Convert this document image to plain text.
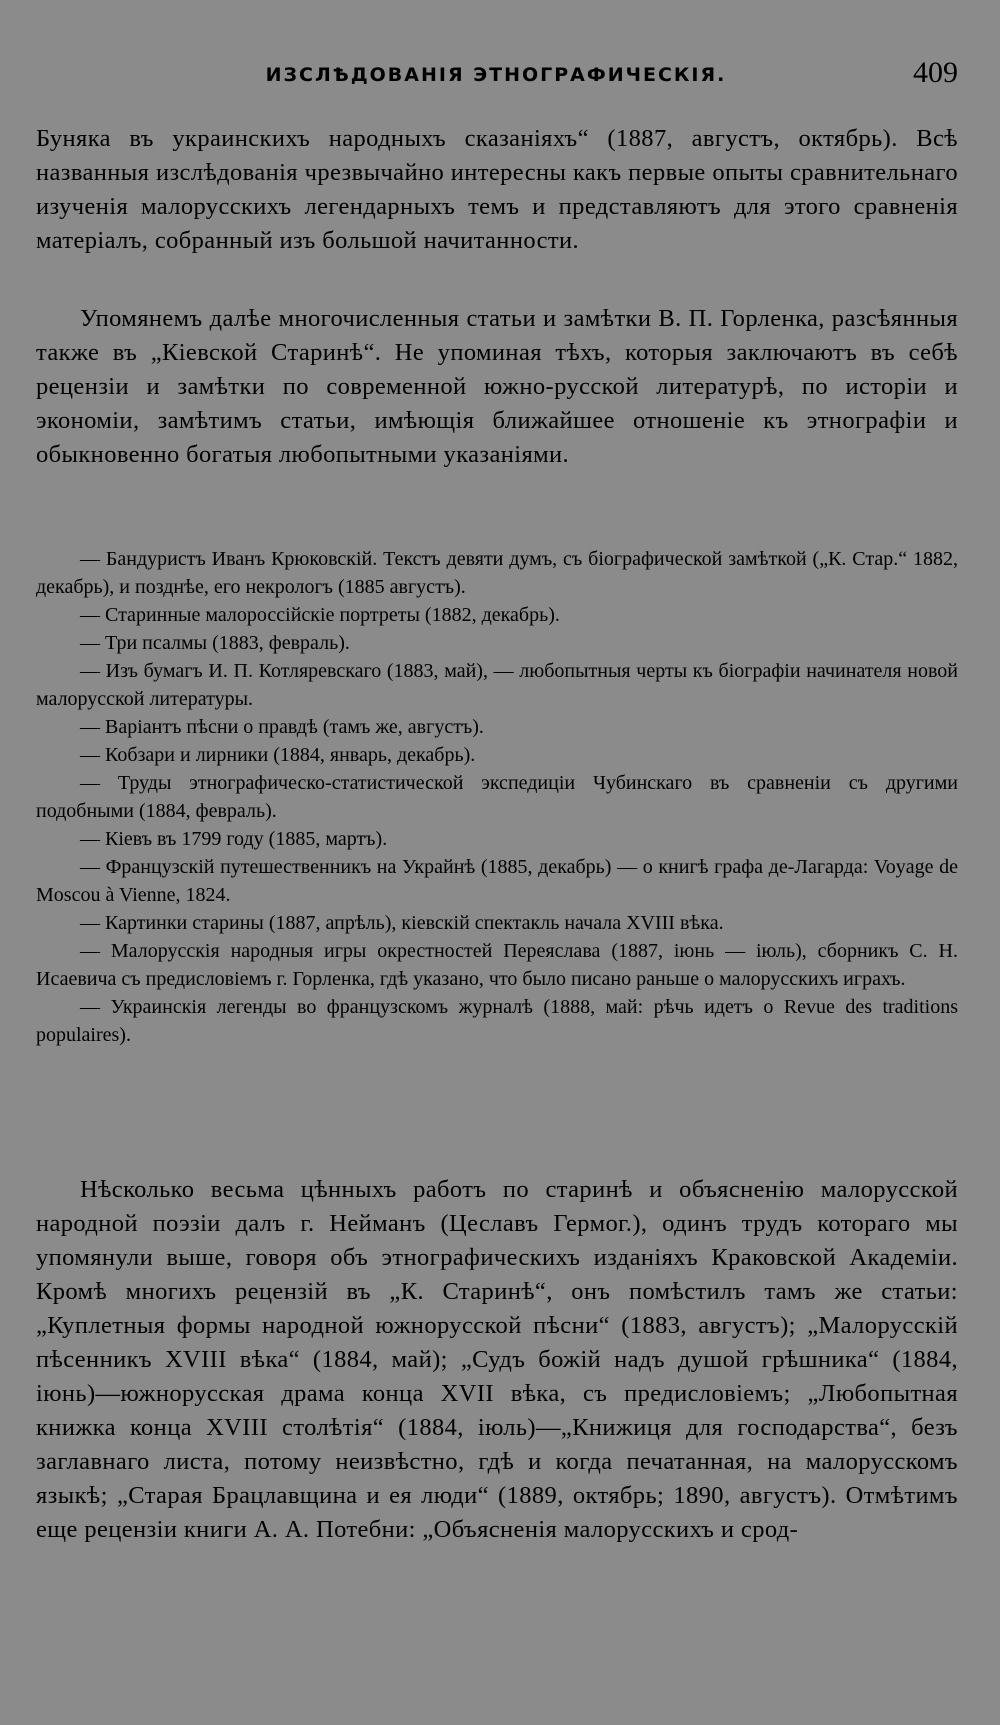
ИЗСЛѢДОВАНІЯ ЭТНОГРАФИЧЕСКІЯ.	409

Буняка въ украинскихъ народныхъ сказаніяхъ“ (1887, августъ, октябрь). Всѣ названныя изслѣдованія чрезвычайно интересны какъ первые опыты сравнительнаго изученія малорусскихъ легендарныхъ темъ и представляютъ для этого сравненія матеріалъ, собранный изъ большой начитанности.

Упомянемъ далѣе многочисленныя статьи и замѣтки В. П. Горленка, разсѣянныя также въ „Кіевской Старинѣ“. Не упоминая тѣхъ, которыя заключаютъ въ себѣ рецензіи и замѣтки по современной южно-русской литературѣ, по исторіи и экономіи, замѣтимъ статьи, имѣющія ближайшее отношеніе къ этнографіи и обыкновенно богатыя любопытными указаніями.

— Бандуристъ Иванъ Крюковскій. Текстъ девяти думъ, съ біографической замѣткой („К. Стар.“ 1882, декабрь), и позднѣе, его некрологъ (1885 августъ).

— Старинные малороссійскіе портреты (1882, декабрь).

— Три псалмы (1883, февраль).

— Изъ бумагъ И. П. Котляревскаго (1883, май), — любопытныя черты къ біографіи начинателя новой малорусской литературы.

— Варіантъ пѣсни о правдѣ (тамъ же, августъ).

— Кобзари и лирники (1884, январь, декабрь).

— Труды этнографическо-статистической экспедиціи Чубинскаго въ сравненіи съ другими подобными (1884, февраль).

— Кіевъ въ 1799 году (1885, мартъ).

— Французскій путешественникъ на Украйнѣ (1885, декабрь) — о книгѣ графа де-Лагарда: Voyage de Moscou à Vienne, 1824.

— Картинки старины (1887, апрѣль), кіевскій спектакль начала XVIII вѣка.

— Малорусскія народныя игры окрестностей Переяслава (1887, іюнь — іюль), сборникъ С. Н. Исаевича съ предисловіемъ г. Горленка, гдѣ указано, что было писано раньше о малорусскихъ играхъ.

— Украинскія легенды во французскомъ журналѣ (1888, май: рѣчь идетъ о Revue des traditions populaires).

Нѣсколько весьма цѣнныхъ работъ по старинѣ и объясненію малорусской народной поэзіи далъ г. Нейманъ (Цеславъ Гермог.), одинъ трудъ котораго мы упомянули выше, говоря объ этнографическихъ изданіяхъ Краковской Академіи. Кромѣ многихъ рецензій въ „К. Старинѣ“, онъ помѣстилъ тамъ же статьи: „Куплетныя формы народной южнорусской пѣсни“ (1883, августъ); „Малорусскій пѣсенникъ XVIII вѣка“ (1884, май); „Судъ божій надъ душой грѣшника“ (1884, іюнь)—южнорусская драма конца XVII вѣка, съ предисловіемъ; „Любопытная книжка конца XVIII столѣтія“ (1884, іюль)—„Книжиця для господарства“, безъ заглавнаго листа, потому неизвѣстно, гдѣ и когда печатанная, на малорусскомъ языкѣ; „Старая Брацлавщина и ея люди“ (1889, октябрь; 1890, августъ). Отмѣтимъ еще рецензіи книги А. А. Потебни: „Объясненія малорусскихъ и срод-
